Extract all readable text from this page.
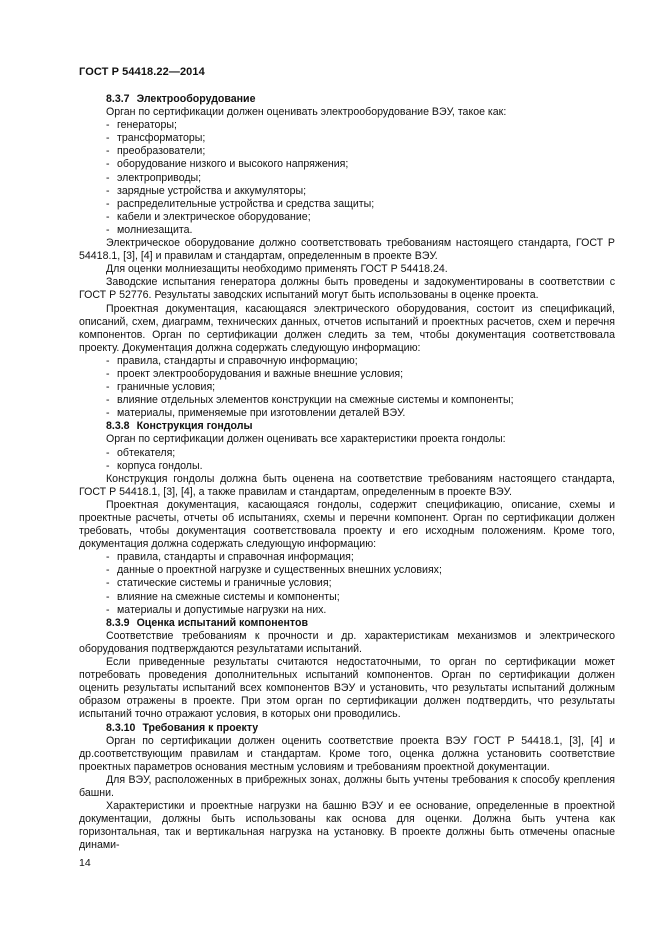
ГОСТ Р 54418.22—2014
8.3.7 Электрооборудование

Орган по сертификации должен оценивать электрооборудование ВЭУ, такое как:

- генераторы;
- трансформаторы;
- преобразователи;
- оборудование низкого и высокого напряжения;
- электроприводы;
- зарядные устройства и аккумуляторы;
- распределительные устройства и средства защиты;
- кабели и электрическое оборудование;
- молниезащита.

Электрическое оборудование должно соответствовать требованиям настоящего стандарта, ГОСТ Р 54418.1, [3], [4] и правилам и стандартам, определенным в проекте ВЭУ.

Для оценки молниезащиты необходимо применять ГОСТ Р 54418.24.

Заводские испытания генератора должны быть проведены и задокументированы в соответствии с ГОСТ Р 52776. Результаты заводских испытаний могут быть использованы в оценке проекта.

Проектная документация, касающаяся электрического оборудования, состоит из спецификаций, описаний, схем, диаграмм, технических данных, отчетов испытаний и проектных расчетов, схем и перечня компонентов. Орган по сертификации должен следить за тем, чтобы документация соответствовала проекту. Документация должна содержать следующую информацию:

- правила, стандарты и справочную информацию;
- проект электрооборудования и важные внешние условия;
- граничные условия;
- влияние отдельных элементов конструкции на смежные системы и компоненты;
- материалы, применяемые при изготовлении деталей ВЭУ.
8.3.8 Конструкция гондолы

Орган по сертификации должен оценивать все характеристики проекта гондолы:

- обтекателя;
- корпуса гондолы.

Конструкция гондолы должна быть оценена на соответствие требованиям настоящего стандарта, ГОСТ Р 54418.1, [3], [4], а также правилам и стандартам, определенным в проекте ВЭУ.

Проектная документация, касающаяся гондолы, содержит спецификацию, описание, схемы и проектные расчеты, отчеты об испытаниях, схемы и перечни компонент. Орган по сертификации должен требовать, чтобы документация соответствовала проекту и его исходным положениям. Кроме того, документация должна содержать следующую информацию:

- правила, стандарты и справочная информация;
- данные о проектной нагрузке и существенных внешних условиях;
- статические системы и граничные условия;
- влияние на смежные системы и компоненты;
- материалы и допустимые нагрузки на них.
8.3.9 Оценка испытаний компонентов

Соответствие требованиям к прочности и др. характеристикам механизмов и электрического оборудования подтверждаются результатами испытаний.

Если приведенные результаты считаются недостаточными, то орган по сертификации может потребовать проведения дополнительных испытаний компонентов. Орган по сертификации должен оценить результаты испытаний всех компонентов ВЭУ и установить, что результаты испытаний должным образом отражены в проекте. При этом орган по сертификации должен подтвердить, что результаты испытаний точно отражают условия, в которых они проводились.

8.3.10 Требования к проекту

Орган по сертификации должен оценить соответствие проекта ВЭУ ГОСТ Р 54418.1, [3], [4] и др.соответствующим правилам и стандартам. Кроме того, оценка должна установить соответствие проектных параметров основания местным условиям и требованиям проектной документации.

Для ВЭУ, расположенных в прибрежных зонах, должны быть учтены требования к способу крепления башни.

Характеристики и проектные нагрузки на башню ВЭУ и ее основание, определенные в проектной документации, должны быть использованы как основа для оценки. Должна быть учтена как горизонтальная, так и вертикальная нагрузка на установку. В проекте должны быть отмечены опасные динами-

14
